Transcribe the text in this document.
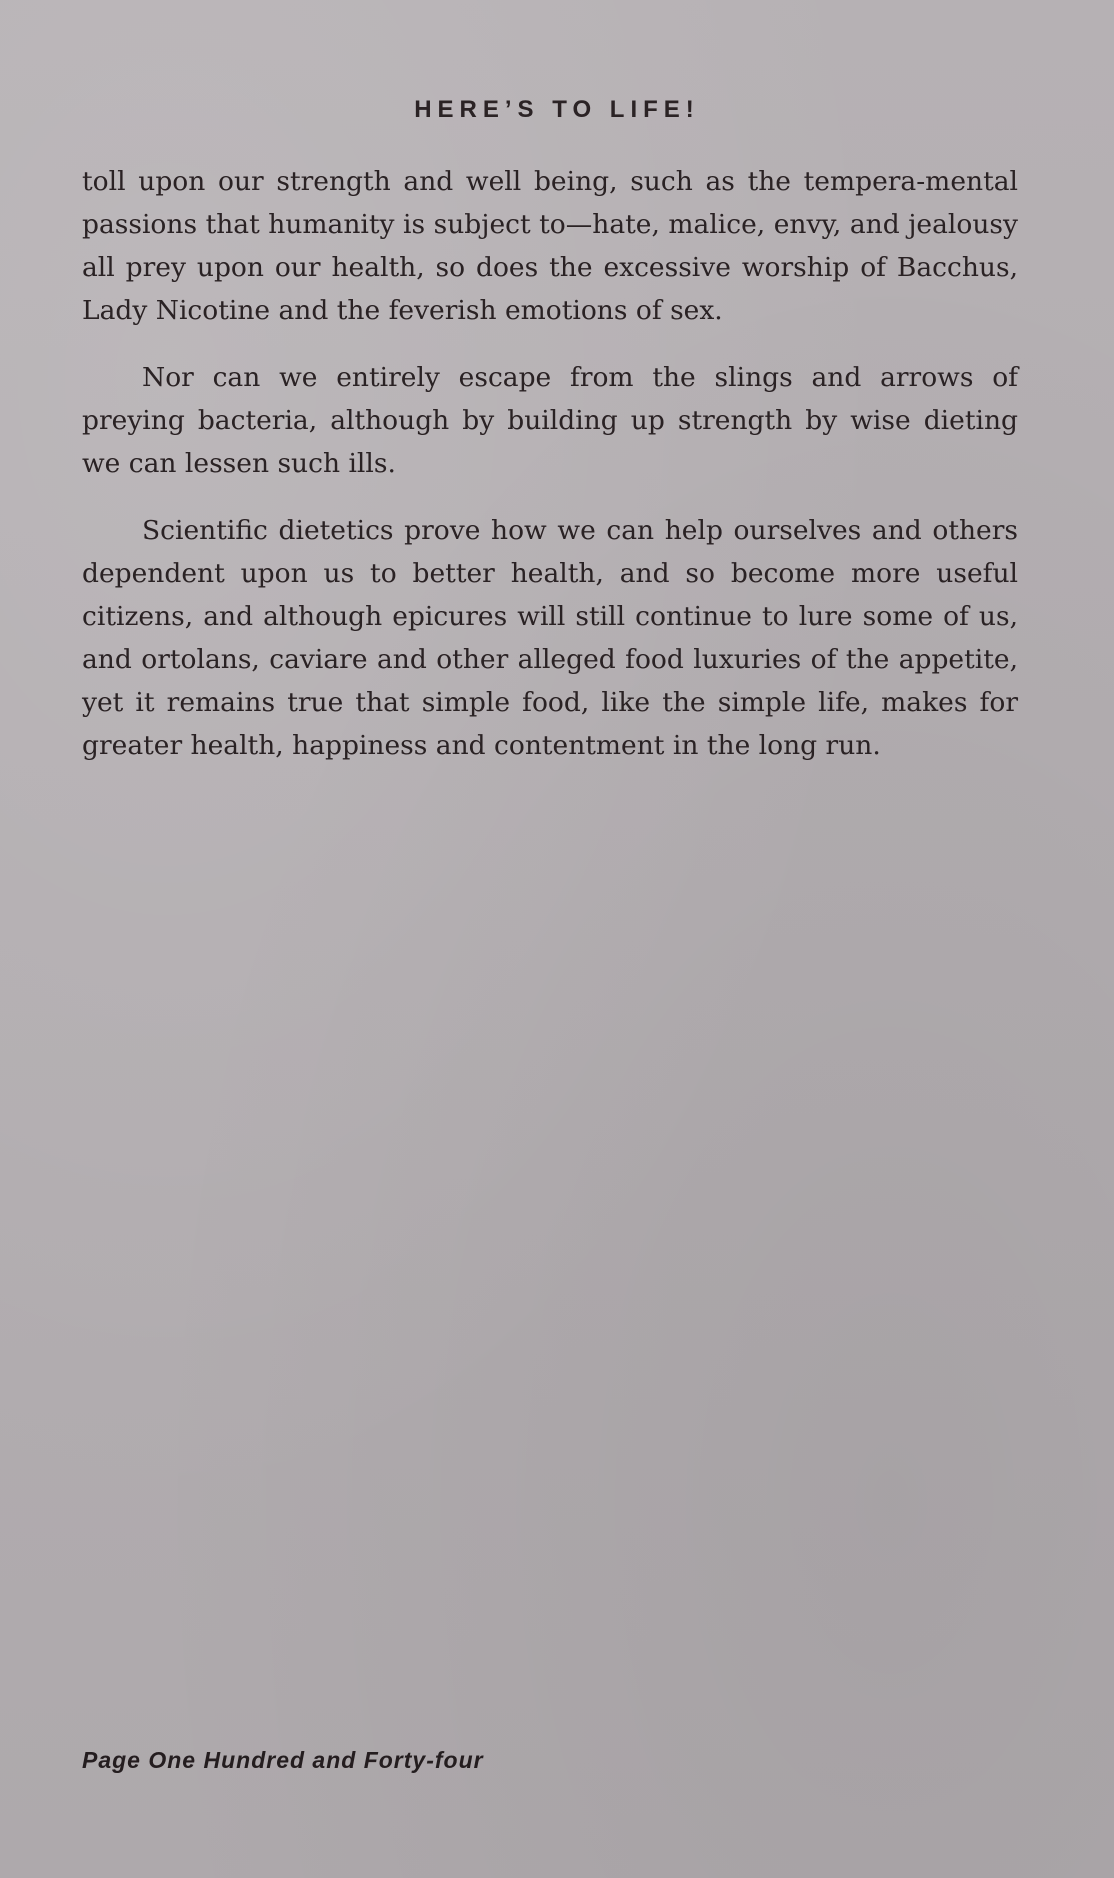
HERE’S TO LIFE!

toll upon our strength and well being, such as the tempera-mental passions that humanity is subject to—hate, malice, envy, and jealousy all prey upon our health, so does the excessive worship of Bacchus, Lady Nicotine and the feverish emotions of sex.

Nor can we entirely escape from the slings and arrows of preying bacteria, although by building up strength by wise dieting we can lessen such ills.

Scientific dietetics prove how we can help ourselves and others dependent upon us to better health, and so become more useful citizens, and although epicures will still continue to lure some of us, and ortolans, caviare and other alleged food luxuries of the appetite, yet it remains true that simple food, like the simple life, makes for greater health, happiness and contentment in the long run.

Page One Hundred and Forty-four
